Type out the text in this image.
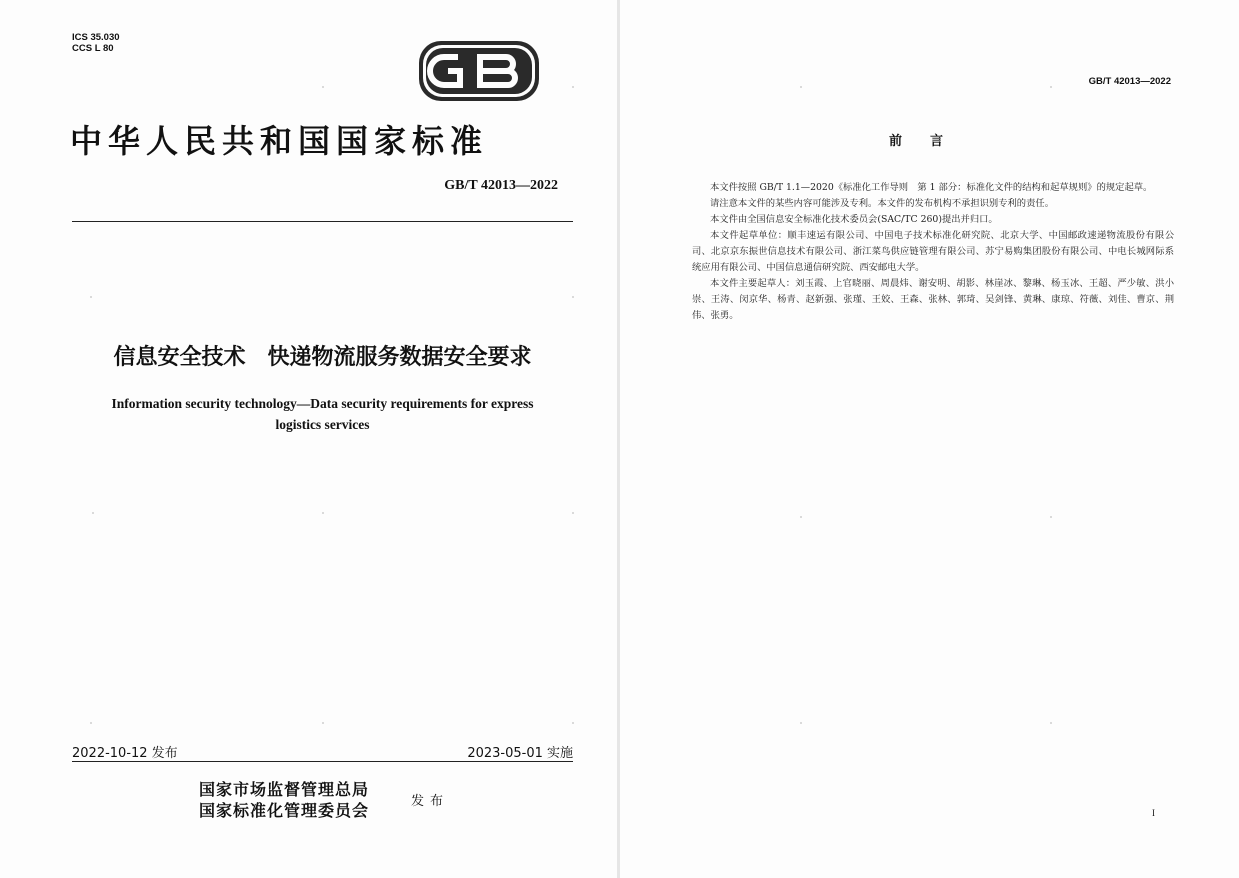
ICS 35.030
CCS L 80
中华人民共和国国家标准
GB/T 42013—2022
信息安全技术　快递物流服务数据安全要求
Information security technology—Data security requirements for express
logistics services
2022-10-12 发布	2023-05-01 实施
国家市场监督管理总局
国家标准化管理委员会	发布
GB/T 42013—2022
前言

本文件按照 GB/T 1.1—2020《标准化工作导则　第 1 部分：标准化文件的结构和起草规则》的规定起草。

请注意本文件的某些内容可能涉及专利。本文件的发布机构不承担识别专利的责任。

本文件由全国信息安全标准化技术委员会(SAC/TC 260)提出并归口。

本文件起草单位：顺丰速运有限公司、中国电子技术标准化研究院、北京大学、中国邮政速递物流股份有限公司、北京京东振世信息技术有限公司、浙江菜鸟供应链管理有限公司、苏宁易购集团股份有限公司、中电长城网际系统应用有限公司、中国信息通信研究院、西安邮电大学。

本文件主要起草人：刘玉霞、上官晓丽、周晨炜、谢安明、胡影、林崖冰、黎琳、杨玉冰、王超、严少敏、洪小崇、王涛、闵京华、杨青、赵新强、张瑾、王姣、王森、张林、郭琦、吴剑锋、黄琳、康琼、符薇、刘佳、曹京、荆伟、张勇。

I
